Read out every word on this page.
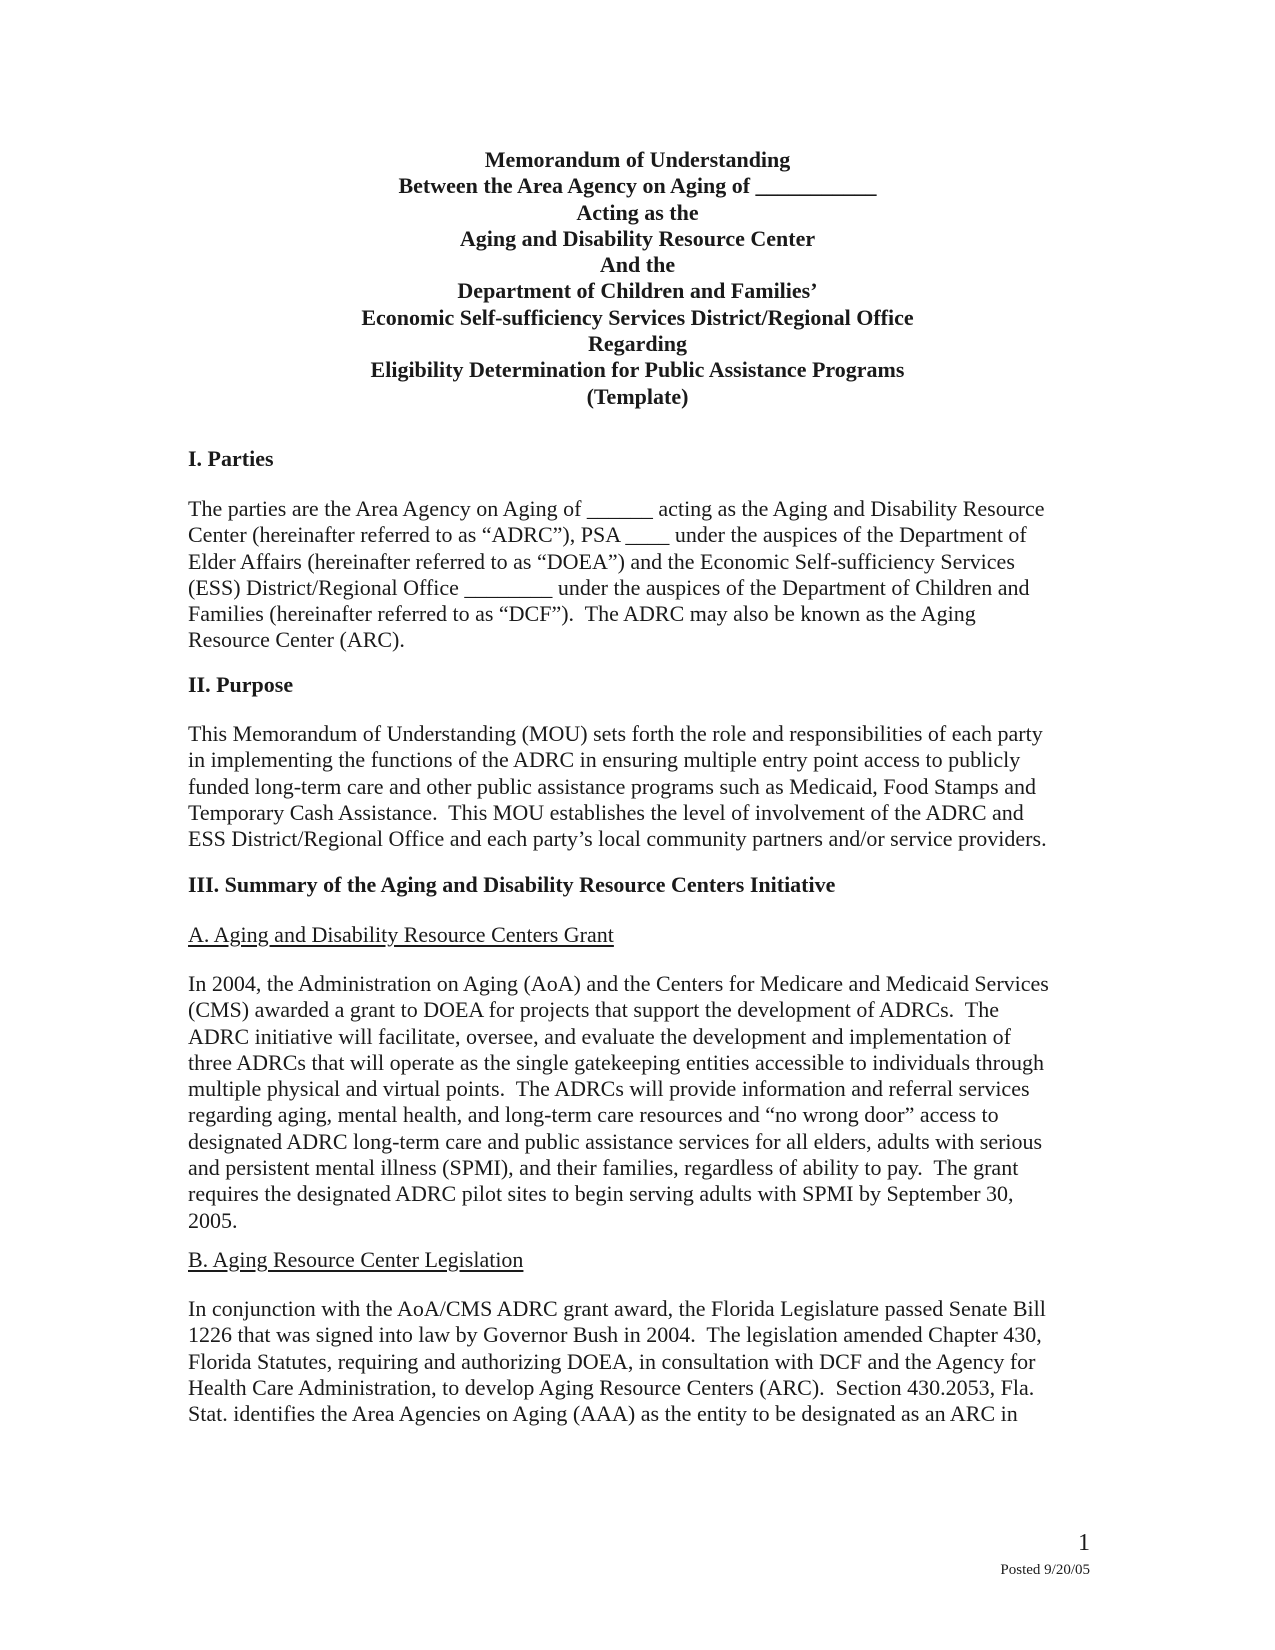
Memorandum of Understanding
Between the Area Agency on Aging of ___________
Acting as the
Aging and Disability Resource Center
And the
Department of Children and Families’
Economic Self-sufficiency Services District/Regional Office
Regarding
Eligibility Determination for Public Assistance Programs
(Template)
I. Parties
The parties are the Area Agency on Aging of ______ acting as the Aging and Disability Resource
Center (hereinafter referred to as “ADRC”), PSA ____ under the auspices of the Department of
Elder Affairs (hereinafter referred to as “DOEA”) and the Economic Self-sufficiency Services
(ESS) District/Regional Office ________ under the auspices of the Department of Children and
Families (hereinafter referred to as “DCF”).  The ADRC may also be known as the Aging
Resource Center (ARC).
II. Purpose
This Memorandum of Understanding (MOU) sets forth the role and responsibilities of each party
in implementing the functions of the ADRC in ensuring multiple entry point access to publicly
funded long-term care and other public assistance programs such as Medicaid, Food Stamps and
Temporary Cash Assistance.  This MOU establishes the level of involvement of the ADRC and
ESS District/Regional Office and each party’s local community partners and/or service providers.
III. Summary of the Aging and Disability Resource Centers Initiative
A. Aging and Disability Resource Centers Grant
In 2004, the Administration on Aging (AoA) and the Centers for Medicare and Medicaid Services
(CMS) awarded a grant to DOEA for projects that support the development of ADRCs.  The
ADRC initiative will facilitate, oversee, and evaluate the development and implementation of
three ADRCs that will operate as the single gatekeeping entities accessible to individuals through
multiple physical and virtual points.  The ADRCs will provide information and referral services
regarding aging, mental health, and long-term care resources and “no wrong door” access to
designated ADRC long-term care and public assistance services for all elders, adults with serious
and persistent mental illness (SPMI), and their families, regardless of ability to pay.  The grant
requires the designated ADRC pilot sites to begin serving adults with SPMI by September 30,
2005.
B. Aging Resource Center Legislation
In conjunction with the AoA/CMS ADRC grant award, the Florida Legislature passed Senate Bill
1226 that was signed into law by Governor Bush in 2004.  The legislation amended Chapter 430,
Florida Statutes, requiring and authorizing DOEA, in consultation with DCF and the Agency for
Health Care Administration, to develop Aging Resource Centers (ARC).  Section 430.2053, Fla.
Stat. identifies the Area Agencies on Aging (AAA) as the entity to be designated as an ARC in
1
Posted 9/20/05
